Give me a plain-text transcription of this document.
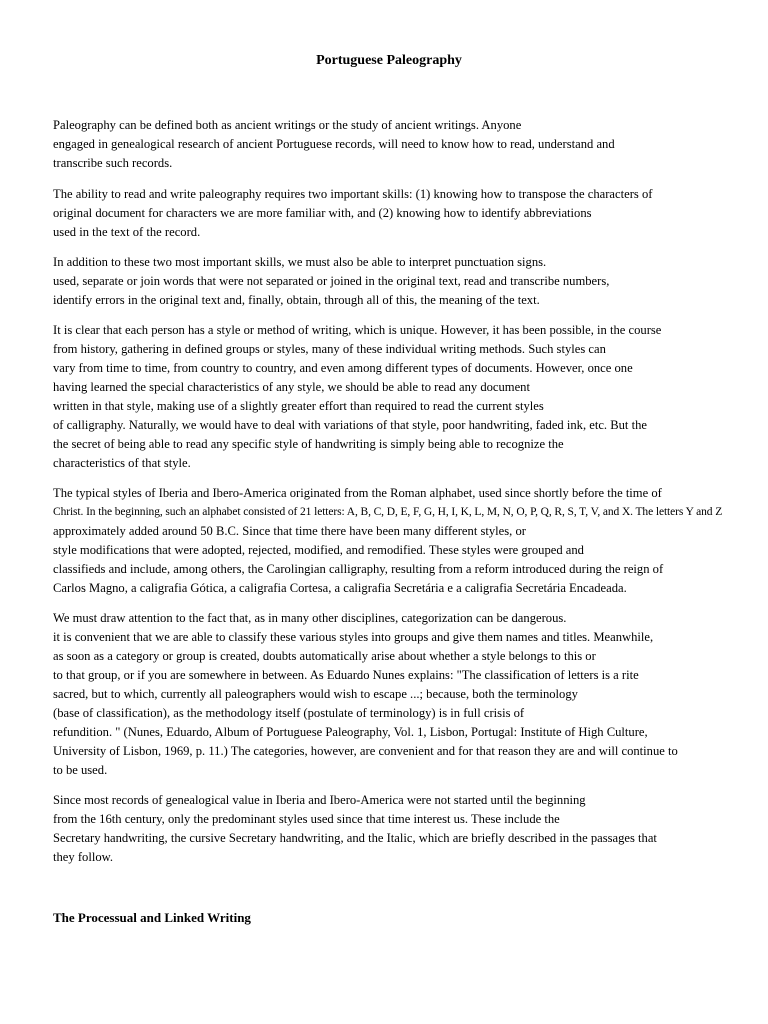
Portuguese Paleography

Paleography can be defined both as ancient writings or the study of ancient writings. Anyone
engaged in genealogical research of ancient Portuguese records, will need to know how to read, understand and
transcribe such records.

The ability to read and write paleography requires two important skills: (1) knowing how to transpose the characters of
original document for characters we are more familiar with, and (2) knowing how to identify abbreviations
used in the text of the record.

In addition to these two most important skills, we must also be able to interpret punctuation signs.
used, separate or join words that were not separated or joined in the original text, read and transcribe numbers,
identify errors in the original text and, finally, obtain, through all of this, the meaning of the text.

It is clear that each person has a style or method of writing, which is unique. However, it has been possible, in the course
from history, gathering in defined groups or styles, many of these individual writing methods. Such styles can
vary from time to time, from country to country, and even among different types of documents. However, once one
having learned the special characteristics of any style, we should be able to read any document
written in that style, making use of a slightly greater effort than required to read the current styles
of calligraphy. Naturally, we would have to deal with variations of that style, poor handwriting, faded ink, etc. But the
the secret of being able to read any specific style of handwriting is simply being able to recognize the
characteristics of that style.

The typical styles of Iberia and Ibero-America originated from the Roman alphabet, used since shortly before the time of
Christ. In the beginning, such an alphabet consisted of 21 letters: A, B, C, D, E, F, G, H, I, K, L, M, N, O, P, Q, R, S, T, V, and X. The letters Y and Z
approximately added around 50 B.C. Since that time there have been many different styles, or
style modifications that were adopted, rejected, modified, and remodified. These styles were grouped and
classifieds and include, among others, the Carolingian calligraphy, resulting from a reform introduced during the reign of
Carlos Magno, a caligrafia Gótica, a caligrafia Cortesa, a caligrafia Secretária e a caligrafia Secretária Encadeada.

We must draw attention to the fact that, as in many other disciplines, categorization can be dangerous.
it is convenient that we are able to classify these various styles into groups and give them names and titles. Meanwhile,
as soon as a category or group is created, doubts automatically arise about whether a style belongs to this or
to that group, or if you are somewhere in between. As Eduardo Nunes explains: "The classification of letters is a rite
sacred, but to which, currently all paleographers would wish to escape ...; because, both the terminology
(base of classification), as the methodology itself (postulate of terminology) is in full crisis of
refundition. " (Nunes, Eduardo, Album of Portuguese Paleography, Vol. 1, Lisbon, Portugal: Institute of High Culture,
University of Lisbon, 1969, p. 11.) The categories, however, are convenient and for that reason they are and will continue to
to be used.

Since most records of genealogical value in Iberia and Ibero-America were not started until the beginning
from the 16th century, only the predominant styles used since that time interest us. These include the
Secretary handwriting, the cursive Secretary handwriting, and the Italic, which are briefly described in the passages that
they follow.

The Processual and Linked Writing
